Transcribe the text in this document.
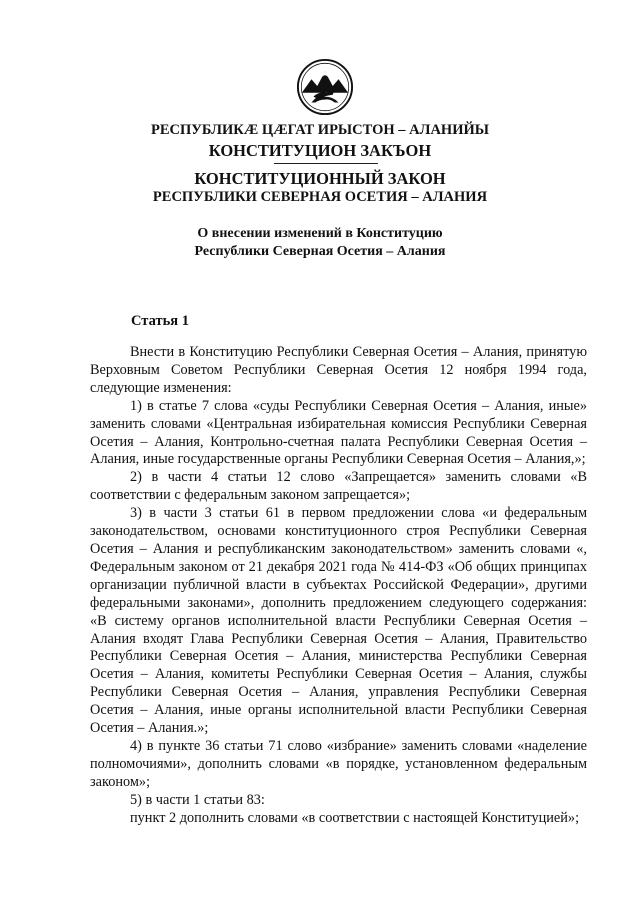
РЕСПУБЛИКӔ ЦӔГАТ ИРЫСТОН – АЛАНИЙЫ
КОНСТИТУЦИОН ЗАКЪОН
КОНСТИТУЦИОННЫЙ ЗАКОН
РЕСПУБЛИКИ СЕВЕРНАЯ ОСЕТИЯ – АЛАНИЯ
О внесении изменений в Конституцию
Республики Северная Осетия – Алания
Статья 1

Внести в Конституцию Республики Северная Осетия – Алания, принятую Верховным Советом Республики Северная Осетия 12 ноября 1994 года, следующие изменения:

1) в статье 7 слова «суды Республики Северная Осетия – Алания, иные» заменить словами «Центральная избирательная комиссия Республики Северная Осетия – Алания, Контрольно-счетная палата Республики Северная Осетия – Алания, иные государственные органы Республики Северная Осетия – Алания,»;

2) в части 4 статьи 12 слово «Запрещается» заменить словами «В соответствии с федеральным законом запрещается»;

3) в части 3 статьи 61 в первом предложении слова «и федеральным законодательством, основами конституционного строя Республики Северная Осетия – Алания и республиканским законодательством» заменить словами «, Федеральным законом от 21 декабря 2021 года № 414-ФЗ «Об общих принципах организации публичной власти в субъектах Российской Федерации», другими федеральными законами», дополнить предложением следующего содержания: «В систему органов исполнительной власти Республики Северная Осетия – Алания входят Глава Республики Северная Осетия – Алания, Правительство Республики Северная Осетия – Алания, министерства Республики Северная Осетия – Алания, комитеты Республики Северная Осетия – Алания, службы Республики Северная Осетия – Алания, управления Республики Северная Осетия – Алания, иные органы исполнительной власти Республики Северная Осетия – Алания.»;

4) в пункте 36 статьи 71 слово «избрание» заменить словами «наделение полномочиями», дополнить словами «в порядке, установленном федеральным законом»;

5) в части 1 статьи 83:

пункт 2 дополнить словами «в соответствии с настоящей Конституцией»;
